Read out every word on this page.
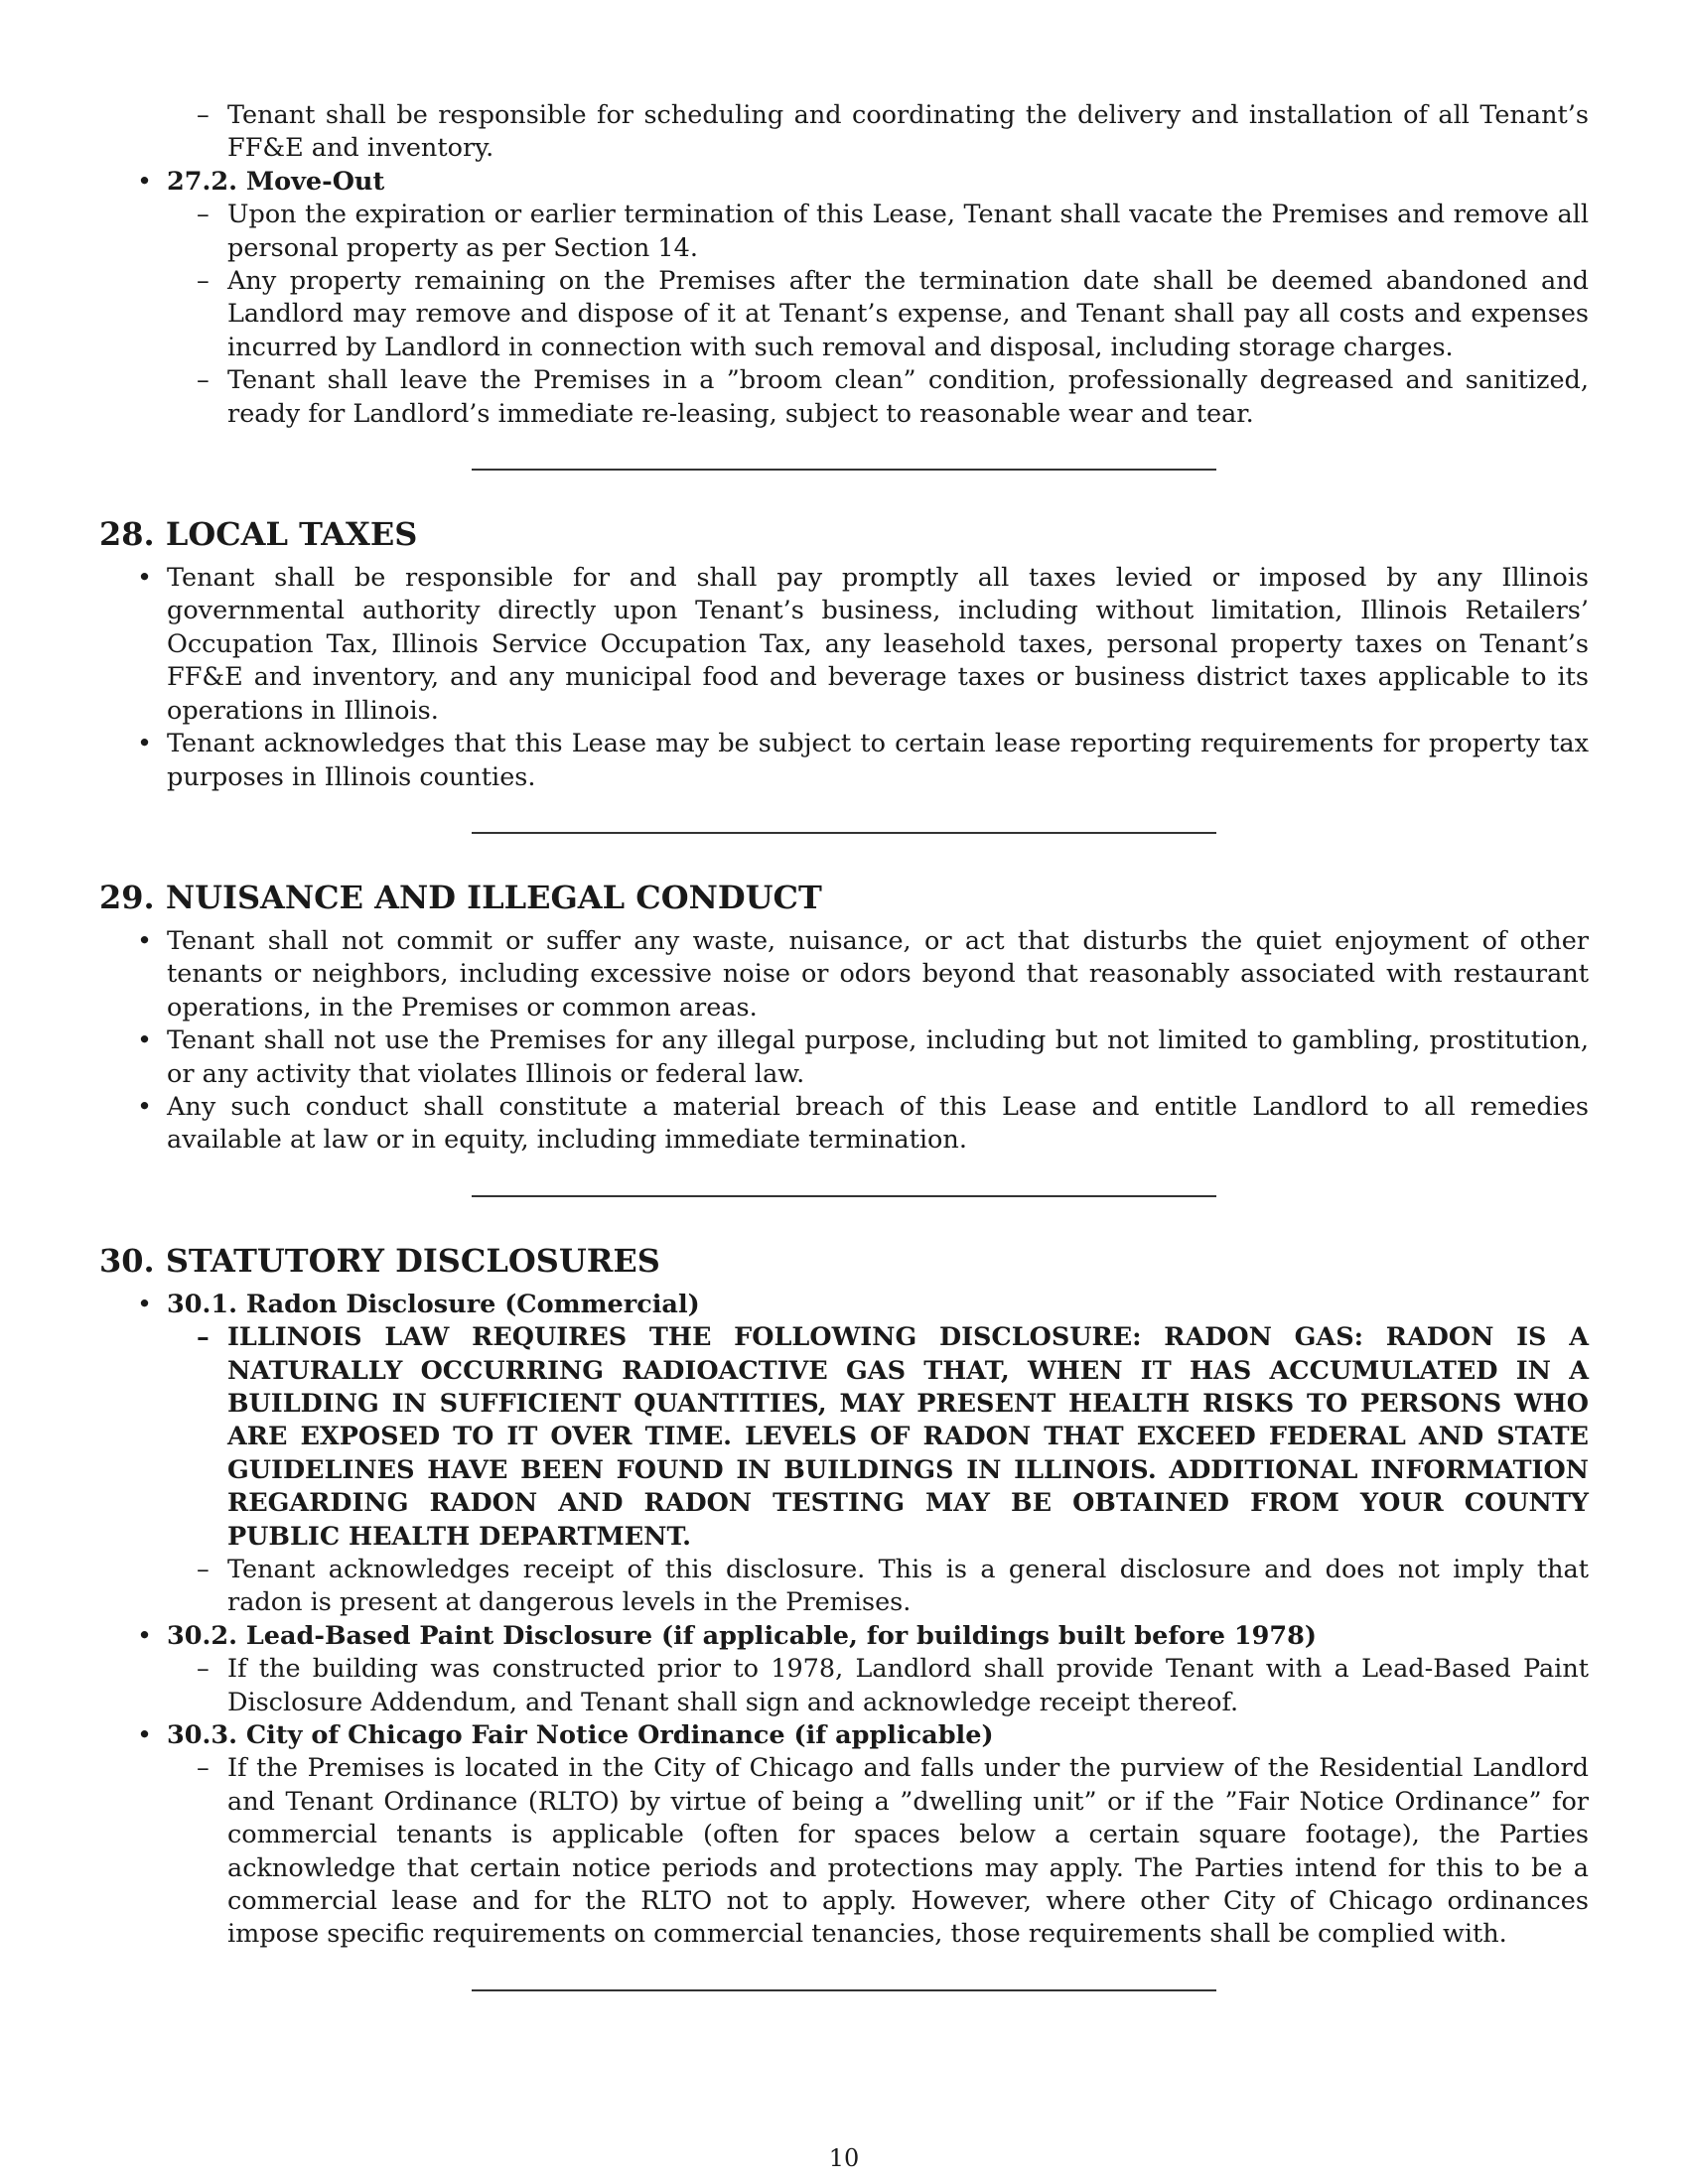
– Tenant shall be responsible for scheduling and coordinating the delivery and installation of all Tenant’s FF&E and inventory.
• 27.2. Move-Out
– Upon the expiration or earlier termination of this Lease, Tenant shall vacate the Premises and remove all personal property as per Section 14.
– Any property remaining on the Premises after the termination date shall be deemed abandoned and Landlord may remove and dispose of it at Tenant’s expense, and Tenant shall pay all costs and expenses incurred by Landlord in connection with such removal and disposal, including storage charges.
– Tenant shall leave the Premises in a ”broom clean” condition, professionally degreased and sanitized, ready for Landlord’s immediate re-leasing, subject to reasonable wear and tear.
28. LOCAL TAXES
• Tenant shall be responsible for and shall pay promptly all taxes levied or imposed by any Illinois governmental authority directly upon Tenant’s business, including without limitation, Illinois Retailers’ Occupation Tax, Illinois Service Occupation Tax, any leasehold taxes, personal property taxes on Tenant’s FF&E and inventory, and any municipal food and beverage taxes or business district taxes applicable to its operations in Illinois.
• Tenant acknowledges that this Lease may be subject to certain lease reporting requirements for property tax purposes in Illinois counties.
29. NUISANCE AND ILLEGAL CONDUCT
• Tenant shall not commit or suffer any waste, nuisance, or act that disturbs the quiet enjoyment of other tenants or neighbors, including excessive noise or odors beyond that reasonably associated with restaurant operations, in the Premises or common areas.
• Tenant shall not use the Premises for any illegal purpose, including but not limited to gambling, prostitution, or any activity that violates Illinois or federal law.
• Any such conduct shall constitute a material breach of this Lease and entitle Landlord to all remedies available at law or in equity, including immediate termination.
30. STATUTORY DISCLOSURES
• 30.1. Radon Disclosure (Commercial)
– ILLINOIS LAW REQUIRES THE FOLLOWING DISCLOSURE: RADON GAS: RADON IS A NATURALLY OCCURRING RADIOACTIVE GAS THAT, WHEN IT HAS ACCUMULATED IN A BUILDING IN SUFFICIENT QUANTITIES, MAY PRESENT HEALTH RISKS TO PERSONS WHO ARE EXPOSED TO IT OVER TIME. LEVELS OF RADON THAT EXCEED FEDERAL AND STATE GUIDELINES HAVE BEEN FOUND IN BUILDINGS IN ILLINOIS. ADDITIONAL INFORMATION REGARDING RADON AND RADON TESTING MAY BE OBTAINED FROM YOUR COUNTY PUBLIC HEALTH DEPARTMENT.
– Tenant acknowledges receipt of this disclosure. This is a general disclosure and does not imply that radon is present at dangerous levels in the Premises.
• 30.2. Lead-Based Paint Disclosure (if applicable, for buildings built before 1978)
– If the building was constructed prior to 1978, Landlord shall provide Tenant with a Lead-Based Paint Disclosure Addendum, and Tenant shall sign and acknowledge receipt thereof.
• 30.3. City of Chicago Fair Notice Ordinance (if applicable)
– If the Premises is located in the City of Chicago and falls under the purview of the Residential Landlord and Tenant Ordinance (RLTO) by virtue of being a ”dwelling unit” or if the ”Fair Notice Ordinance” for commercial tenants is applicable (often for spaces below a certain square footage), the Parties acknowledge that certain notice periods and protections may apply. The Parties intend for this to be a commercial lease and for the RLTO not to apply. However, where other City of Chicago ordinances impose specific requirements on commercial tenancies, those requirements shall be complied with.
10
